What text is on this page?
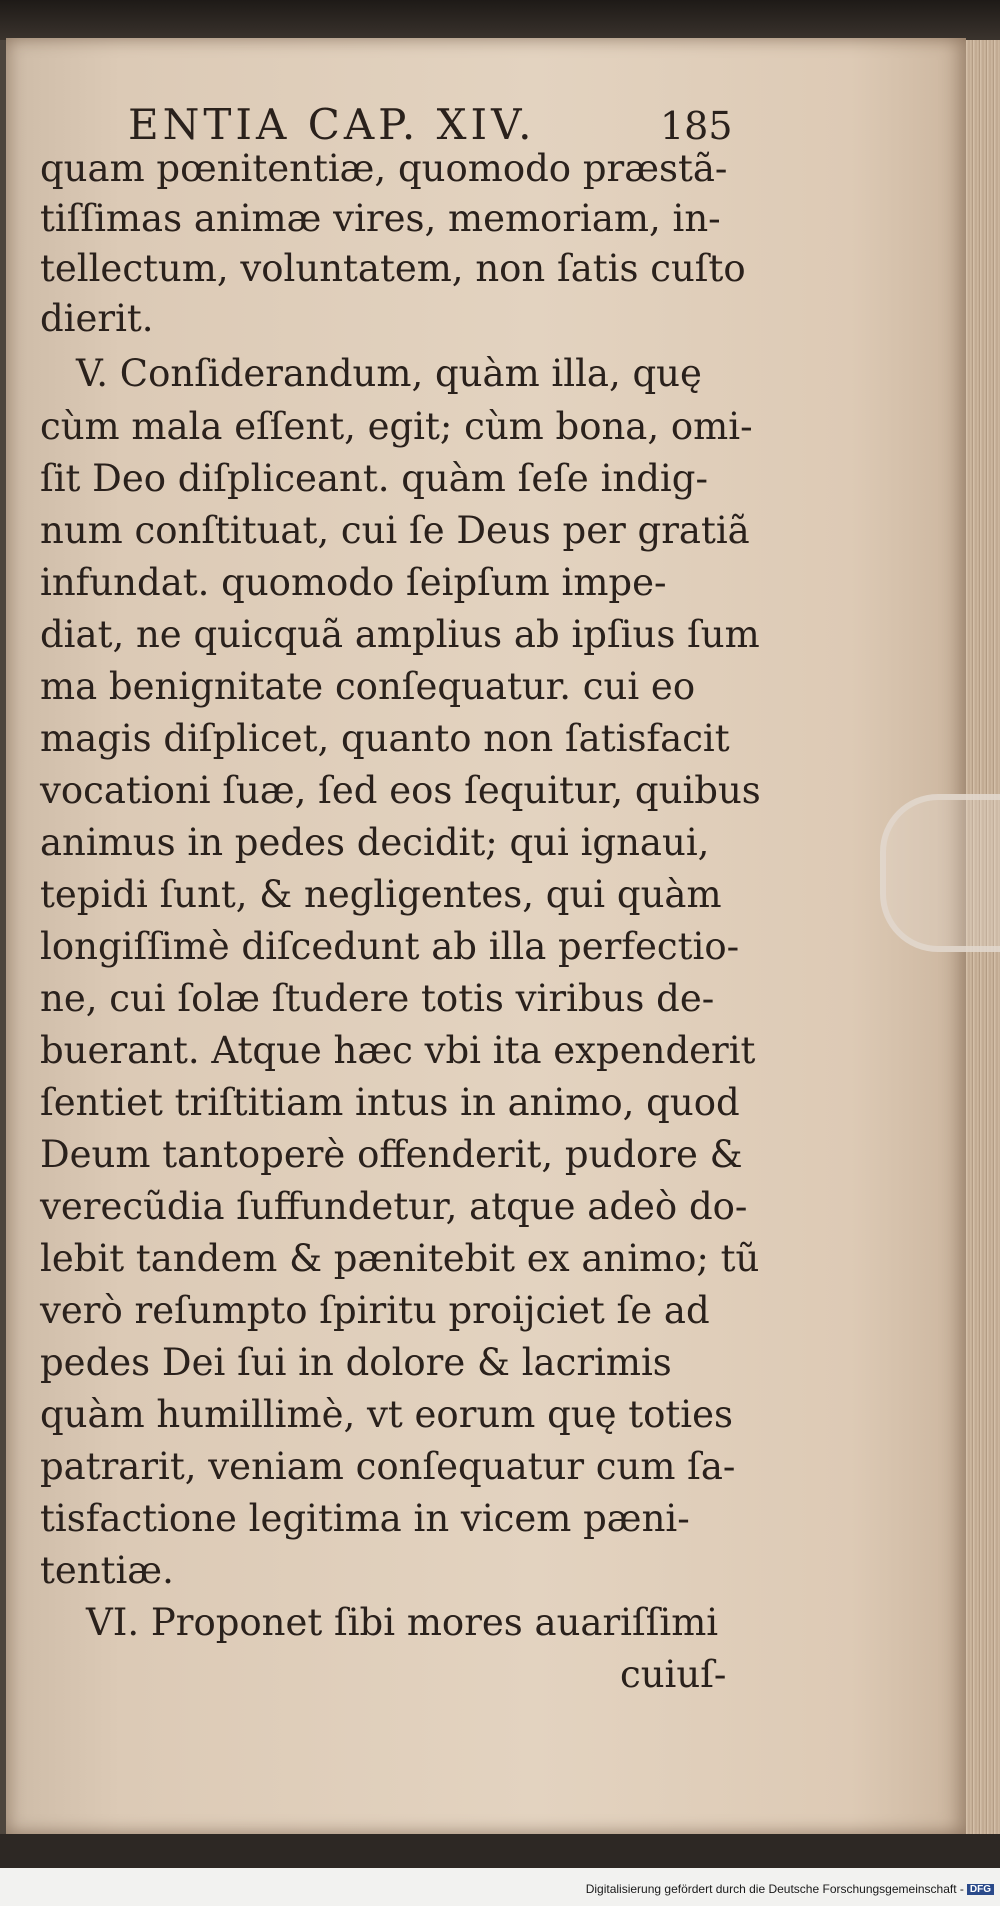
ENTIA CAP. XIV.	185
quam pœnitentiæ, quomodo præstã-
tiſſimas animæ vires, memoriam, in-
tellectum, voluntatem, non ſatis cuſto
dierit.
V. Conſiderandum, quàm illa, quę
cùm mala eſſent, egit; cùm bona, omi-
ſit Deo diſpliceant. quàm ſeſe indig-
num conſtituat, cui ſe Deus per gratiã
infundat. quomodo ſeipſum impe-
diat, ne quicquã amplius ab ipſius ſum
ma benignitate conſequatur. cui eo
magis diſplicet, quanto non ſatisfacit
vocationi ſuæ, ſed eos ſequitur, quibus
animus in pedes decidit; qui ignaui,
tepidi ſunt, & negligentes, qui quàm
longiſſimè diſcedunt ab illa perfectio-
ne, cui ſolæ ſtudere totis viribus de-
buerant. Atque hæc vbi ita expenderit
ſentiet triſtitiam intus in animo, quod
Deum tantoperè offenderit, pudore &
verecũdia ſuffundetur, atque adeò do-
lebit tandem & pænitebit ex animo; tũ
verò reſumpto ſpiritu proijciet ſe ad
pedes Dei ſui in dolore & lacrimis
quàm humillimè, vt eorum quę toties
patrarit, veniam conſequatur cum ſa-
tisfactione legitima in vicem pæni-
tentiæ.
VI. Proponet ſibi mores auariſſimi
cuiuſ-
Digitalisierung gefördert durch die Deutsche Forschungsgemeinschaft - DFG
